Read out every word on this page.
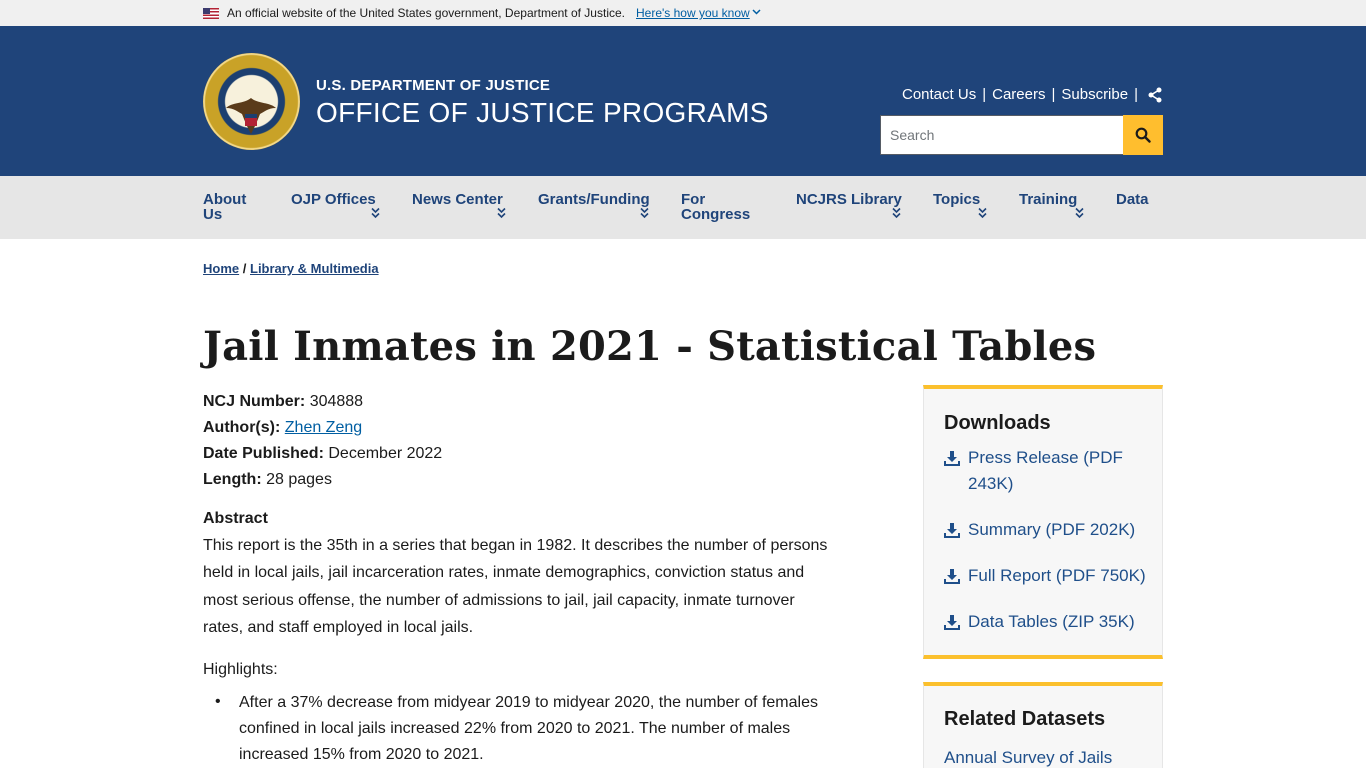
An official website of the United States government, Department of Justice. Here's how you know
U.S. DEPARTMENT OF JUSTICE
OFFICE OF JUSTICE PROGRAMS
Contact Us | Careers | Subscribe |
Search
About
Us
OJP Offices News Center Grants/Funding For
Congress
NCJRS Library Topics	Training	Data
Home / Library & Multimedia
Jail Inmates in 2021 - Statistical Tables
NCJ Number: 304888
Author(s): Zhen Zeng
Date Published: December 2022
Length: 28 pages
Abstract
This report is the 35th in a series that began in 1982. It describes the number of persons
held in local jails, jail incarceration rates, inmate demographics, conviction status and
most serious offense, the number of admissions to jail, jail capacity, inmate turnover
rates, and staff employed in local jails.
Highlights:
• After a 37% decrease from midyear 2019 to midyear 2020, the number of females
confined in local jails increased 22% from 2020 to 2021. The number of males
increased 15% from 2020 to 2021.
Downloads
Press Release (PDF
243K)
Summary (PDF 202K)
Full Report (PDF 750K)
Data Tables (ZIP 35K)
Related Datasets
Annual Survey of Jails
